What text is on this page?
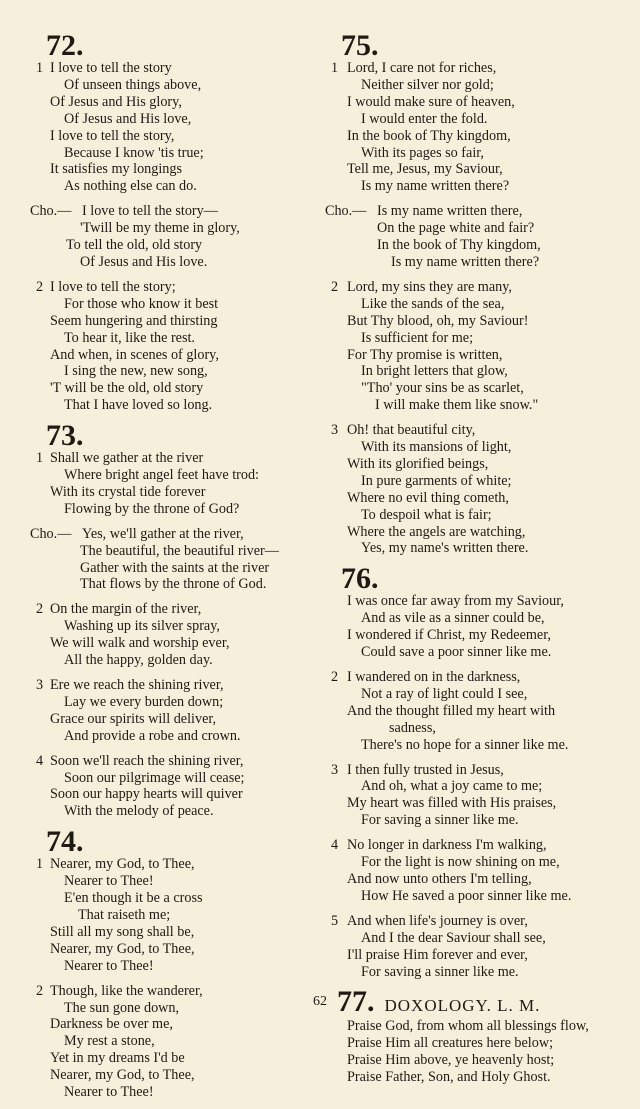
72.
1 I love to tell the story
Of unseen things above,
Of Jesus and His glory,
Of Jesus and His love,
I love to tell the story,
Because I know 'tis true;
It satisfies my longings
As nothing else can do.
Cho.— I love to tell the story—
'Twill be my theme in glory,
To tell the old, old story
Of Jesus and His love.
2 I love to tell the story;
For those who know it best
Seem hungering and thirsting
To hear it, like the rest.
And when, in scenes of glory,
I sing the new, new song,
'T will be the old, old story
That I have loved so long.
73.
1 Shall we gather at the river
Where bright angel feet have trod:
With its crystal tide forever
Flowing by the throne of God?
Cho.— Yes, we'll gather at the river,
The beautiful, the beautiful river—
Gather with the saints at the river
That flows by the throne of God.
2 On the margin of the river,
Washing up its silver spray,
We will walk and worship ever,
All the happy, golden day.
3 Ere we reach the shining river,
Lay we every burden down;
Grace our spirits will deliver,
And provide a robe and crown.
4 Soon we'll reach the shining river,
Soon our pilgrimage will cease;
Soon our happy hearts will quiver
With the melody of peace.
74.
1 Nearer, my God, to Thee,
Nearer to Thee!
E'en though it be a cross
That raiseth me;
Still all my song shall be,
Nearer, my God, to Thee,
Nearer to Thee!
2 Though, like the wanderer,
The sun gone down,
Darkness be over me,
My rest a stone,
Yet in my dreams I'd be
Nearer, my God, to Thee,
Nearer to Thee!
75.
1 Lord, I care not for riches,
Neither silver nor gold;
I would make sure of heaven,
I would enter the fold.
In the book of Thy kingdom,
With its pages so fair,
Tell me, Jesus, my Saviour,
Is my name written there?
Cho.— Is my name written there,
On the page white and fair?
In the book of Thy kingdom,
Is my name written there?
2 Lord, my sins they are many,
Like the sands of the sea,
But Thy blood, oh, my Saviour!
Is sufficient for me;
For Thy promise is written,
In bright letters that glow,
"Tho' your sins be as scarlet,
I will make them like snow."
3 Oh! that beautiful city,
With its mansions of light,
With its glorified beings,
In pure garments of white;
Where no evil thing cometh,
To despoil what is fair;
Where the angels are watching,
Yes, my name's written there.
76.
I was once far away from my Saviour,
And as vile as a sinner could be,
I wondered if Christ, my Redeemer,
Could save a poor sinner like me.
2 I wandered on in the darkness,
Not a ray of light could I see,
And the thought filled my heart with
sadness,
There's no hope for a sinner like me.
3 I then fully trusted in Jesus,
And oh, what a joy came to me;
My heart was filled with His praises,
For saving a sinner like me.
4 No longer in darkness I'm walking,
For the light is now shining on me,
And now unto others I'm telling,
How He saved a poor sinner like me.
5 And when life's journey is over,
And I the dear Saviour shall see,
I'll praise Him forever and ever,
For saving a sinner like me.
77. DOXOLOGY. L. M.
Praise God, from whom all blessings flow,
Praise Him all creatures here below;
Praise Him above, ye heavenly host;
Praise Father, Son, and Holy Ghost.
62
